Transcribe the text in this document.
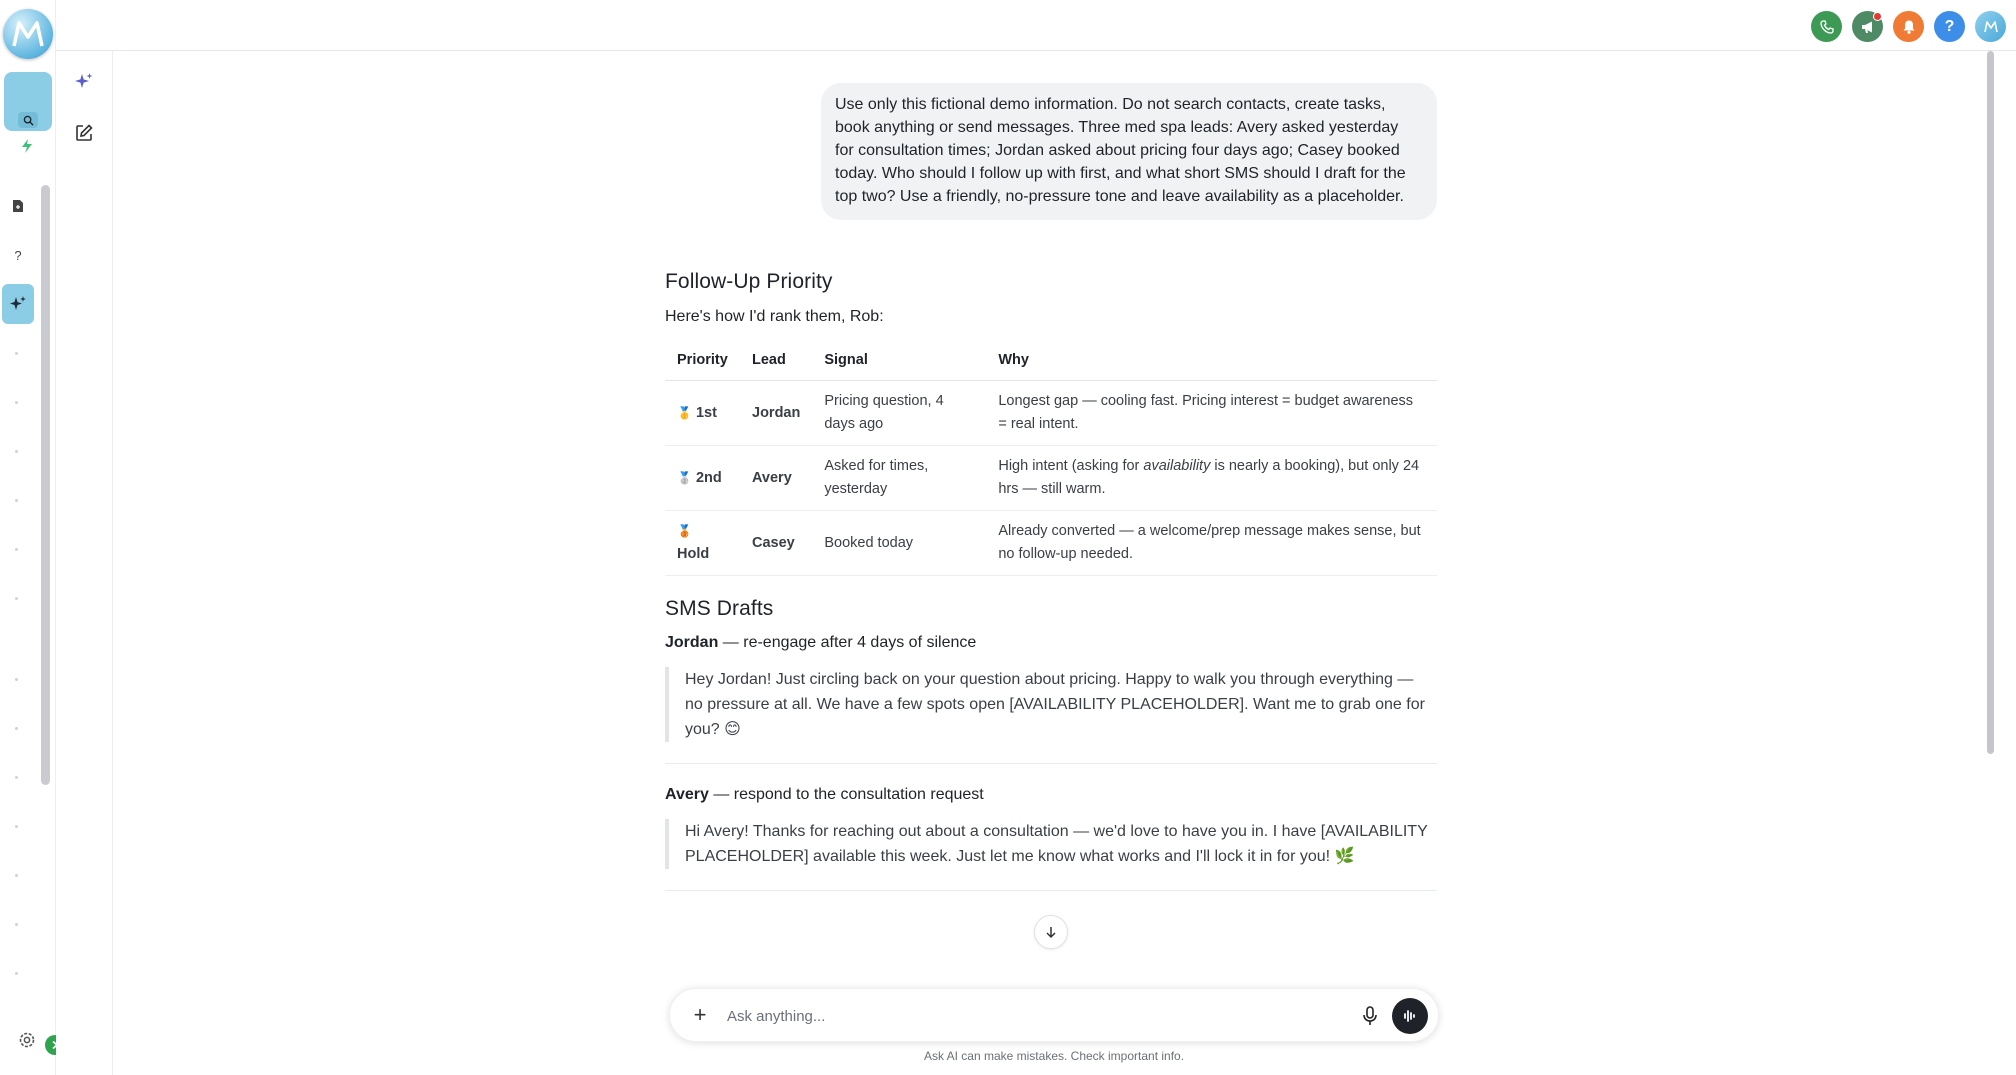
?
?
Use only this fictional demo information. Do not search contacts, create tasks, book anything or send messages. Three med spa leads: Avery asked yesterday for consultation times; Jordan asked about pricing four days ago; Casey booked today. Who should I follow up with first, and what short SMS should I draft for the top two? Use a friendly, no-pressure tone and leave availability as a placeholder.
Follow-Up Priority
Here's how I'd rank them, Rob:
Priority	Lead	Signal	Why
🥇 1st	Jordan	Pricing question, 4 days ago	Longest gap — cooling fast. Pricing interest = budget awareness = real intent.
🥈 2nd	Avery	Asked for times, yesterday	High intent (asking for availability is nearly a booking), but only 24 hrs — still warm.
🥉Hold	Casey	Booked today	Already converted — a welcome/prep message makes sense, but no follow-up needed.
SMS Drafts
Jordan — re-engage after 4 days of silence
Hey Jordan! Just circling back on your question about pricing. Happy to walk you through everything — no pressure at all. We have a few spots open [AVAILABILITY PLACEHOLDER]. Want me to grab one for you? 😊
Avery — respond to the consultation request
Hi Avery! Thanks for reaching out about a consultation — we'd love to have you in. I have [AVAILABILITY PLACEHOLDER] available this week. Just let me know what works and I'll lock it in for you! 🌿
+
Ask anything...
Ask AI can make mistakes. Check important info.
